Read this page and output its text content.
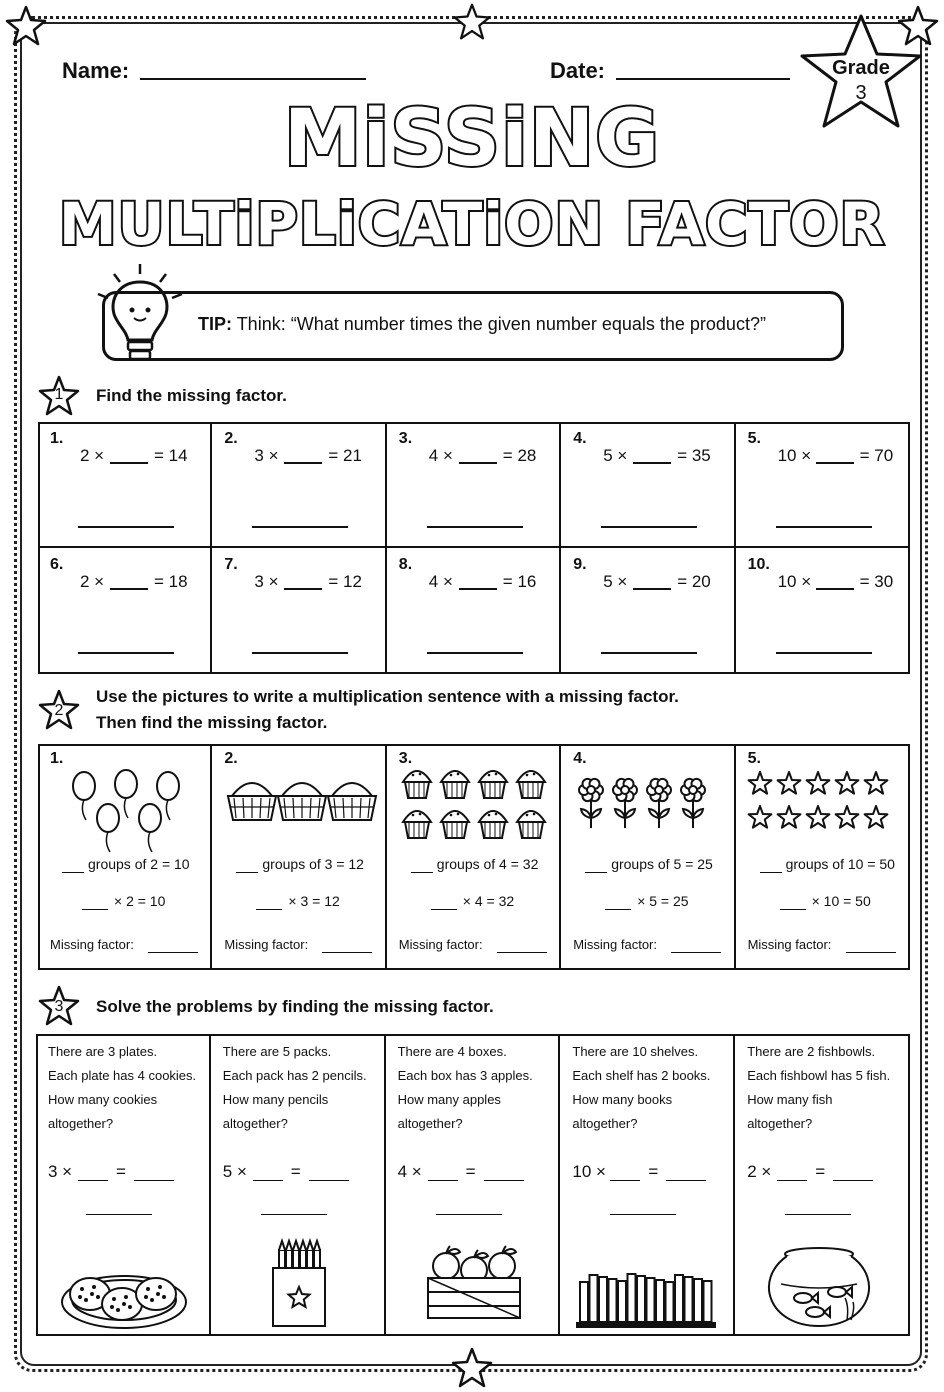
Name:	Date:	Grade
3
MiSSiNG
MULTiPLiCATiON FACTOR
TIP: Think: “What number times the given number equals the product?”
1	Find the missing factor.
1.
2 ×	= 14
2.
3 ×	= 21
3.
4 ×	= 28
4.
5 ×	= 35
5.
10 ×	= 70
6.
2 ×	= 18
7.
3 ×	= 12
8.
4 ×	= 16
9.
5 ×	= 20
10.
10 ×	= 30
2
Use the pictures to write a multiplication sentence with a missing factor.
Then find the missing factor.
1.
groups of 2 = 10
× 2 = 10
Missing factor:
2.
groups of 3 = 12
× 3 = 12
Missing factor:
3.
groups of 4 = 32
× 4 = 32
Missing factor:
4.
groups of 5 = 25
× 5 = 25
Missing factor:
5.
groups of 10 = 50
× 10 = 50
Missing factor:
3	Solve the problems by finding the missing factor.
There are 3 plates.
Each plate has 4 cookies.
How many cookies
altogether?
3 ×	=
There are 5 packs.
Each pack has 2 pencils.
How many pencils
altogether?
5 ×	=
There are 4 boxes.
Each box has 3 apples.
How many apples
altogether?
4 ×	=
There are 10 shelves.
Each shelf has 2 books.
How many books
altogether?
10 × =
There are 2 fishbowls.
Each fishbowl has 5 fish.
How many fish
altogether?
2 ×	=
